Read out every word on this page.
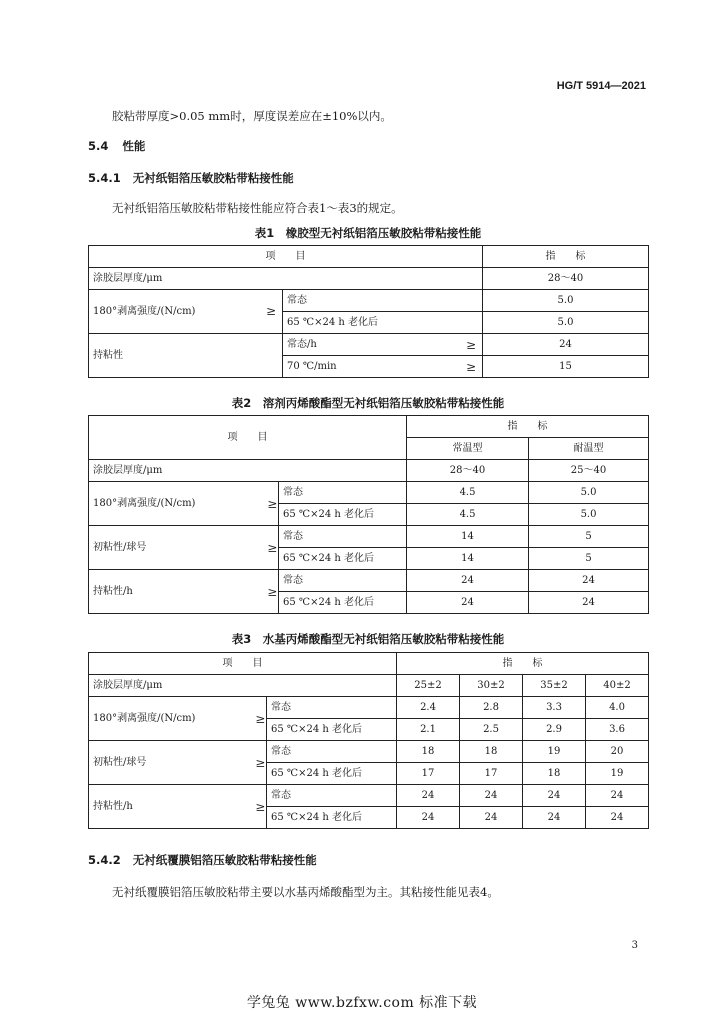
HG/T 5914—2021
胶粘带厚度>0.05 mm时，厚度误差应在±10%以内。
5.4 性能
5.4.1 无衬纸铝箔压敏胶粘带粘接性能
无衬纸铝箔压敏胶粘带粘接性能应符合表1～表3的规定。
表1　橡胶型无衬纸铝箔压敏胶粘带粘接性能
项　　目		指　　标
涂胶层厚度/μm		28～40
180°剥离强度/(N/cm) ≥	常态	5.0
	65 ℃×24 h 老化后	5.0
持粘性	常态/h ≥	24
	70 ℃/min ≥	15
表2　溶剂丙烯酸酯型无衬纸铝箔压敏胶粘带粘接性能
项　　目			指　　标	
			常温型	耐温型
涂胶层厚度/μm			28～40	25～40
180°剥离强度/(N/cm)	≥	常态	4.5	5.0
		65 ℃×24 h 老化后	4.5	5.0
初粘性/球号	≥	常态	14	5
		65 ℃×24 h 老化后	14	5
持粘性/h	≥	常态	24	24
		65 ℃×24 h 老化后	24	24
表3　水基丙烯酸酯型无衬纸铝箔压敏胶粘带粘接性能
项　　目			指　　标			
涂胶层厚度/μm			25±2	30±2	35±2	40±2
180°剥离强度/(N/cm)	≥	常态	2.4	2.8	3.3	4.0
		65 ℃×24 h 老化后	2.1	2.5	2.9	3.6
初粘性/球号	≥	常态	18	18	19	20
		65 ℃×24 h 老化后	17	17	18	19
持粘性/h	≥	常态	24	24	24	24
		65 ℃×24 h 老化后	24	24	24	24
5.4.2 无衬纸覆膜铝箔压敏胶粘带粘接性能
无衬纸覆膜铝箔压敏胶粘带主要以水基丙烯酸酯型为主。其粘接性能见表4。
3
学兔兔 www.bzfxw.com 标准下载
